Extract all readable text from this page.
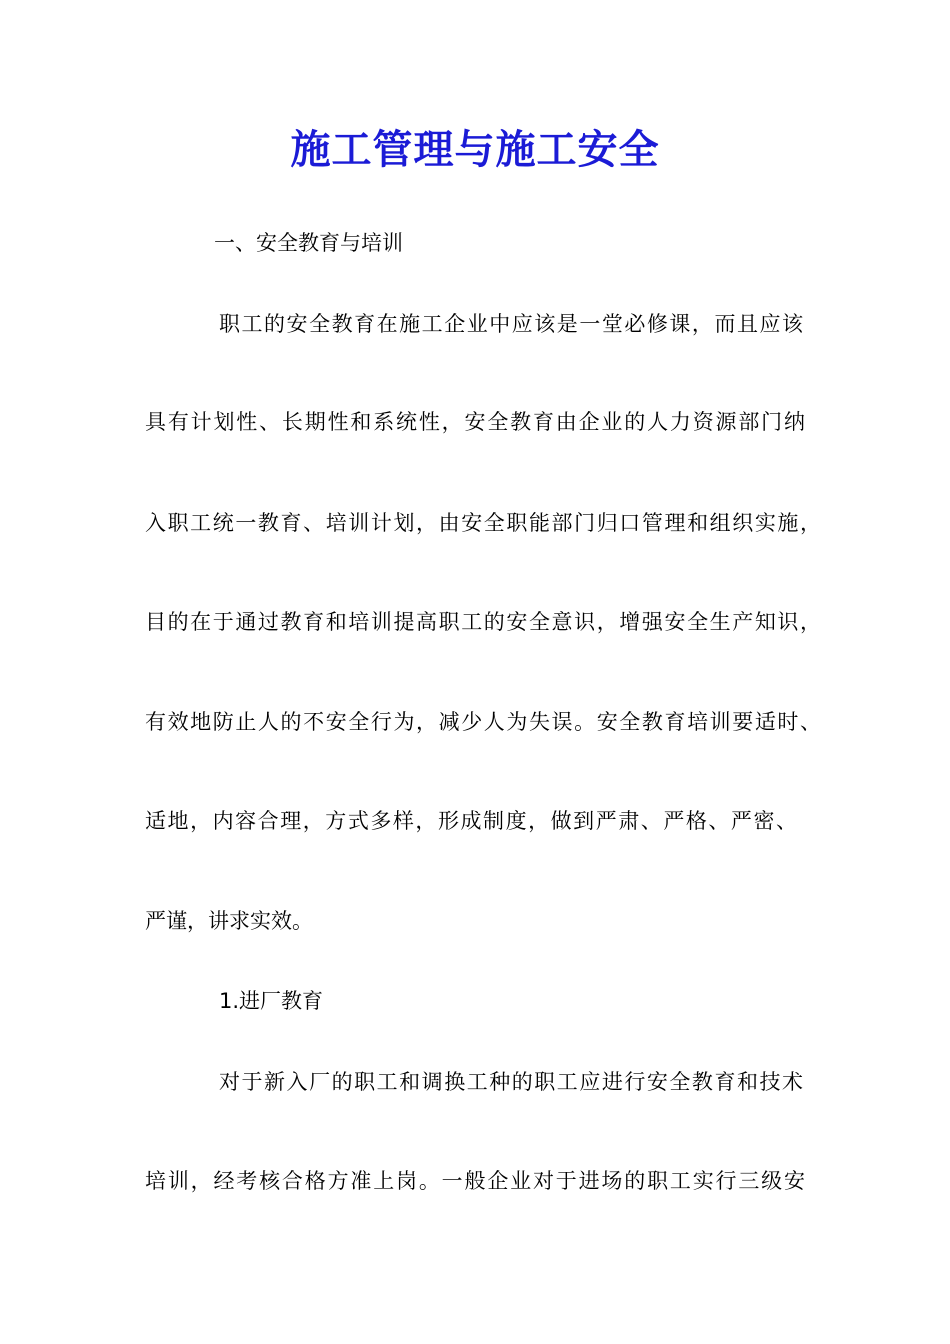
施工管理与施工安全
一、安全教育与培训
职工的安全教育在施工企业中应该是一堂必修课，而且应该
具有计划性、长期性和系统性，安全教育由企业的人力资源部门纳
入职工统一教育、培训计划，由安全职能部门归口管理和组织实施，
目的在于通过教育和培训提高职工的安全意识，增强安全生产知识，
有效地防止人的不安全行为，减少人为失误。安全教育培训要适时、
适地，内容合理，方式多样，形成制度，做到严肃、严格、严密、
严谨，讲求实效。
1.进厂教育
对于新入厂的职工和调换工种的职工应进行安全教育和技术
培训，经考核合格方准上岗。一般企业对于进场的职工实行三级安
